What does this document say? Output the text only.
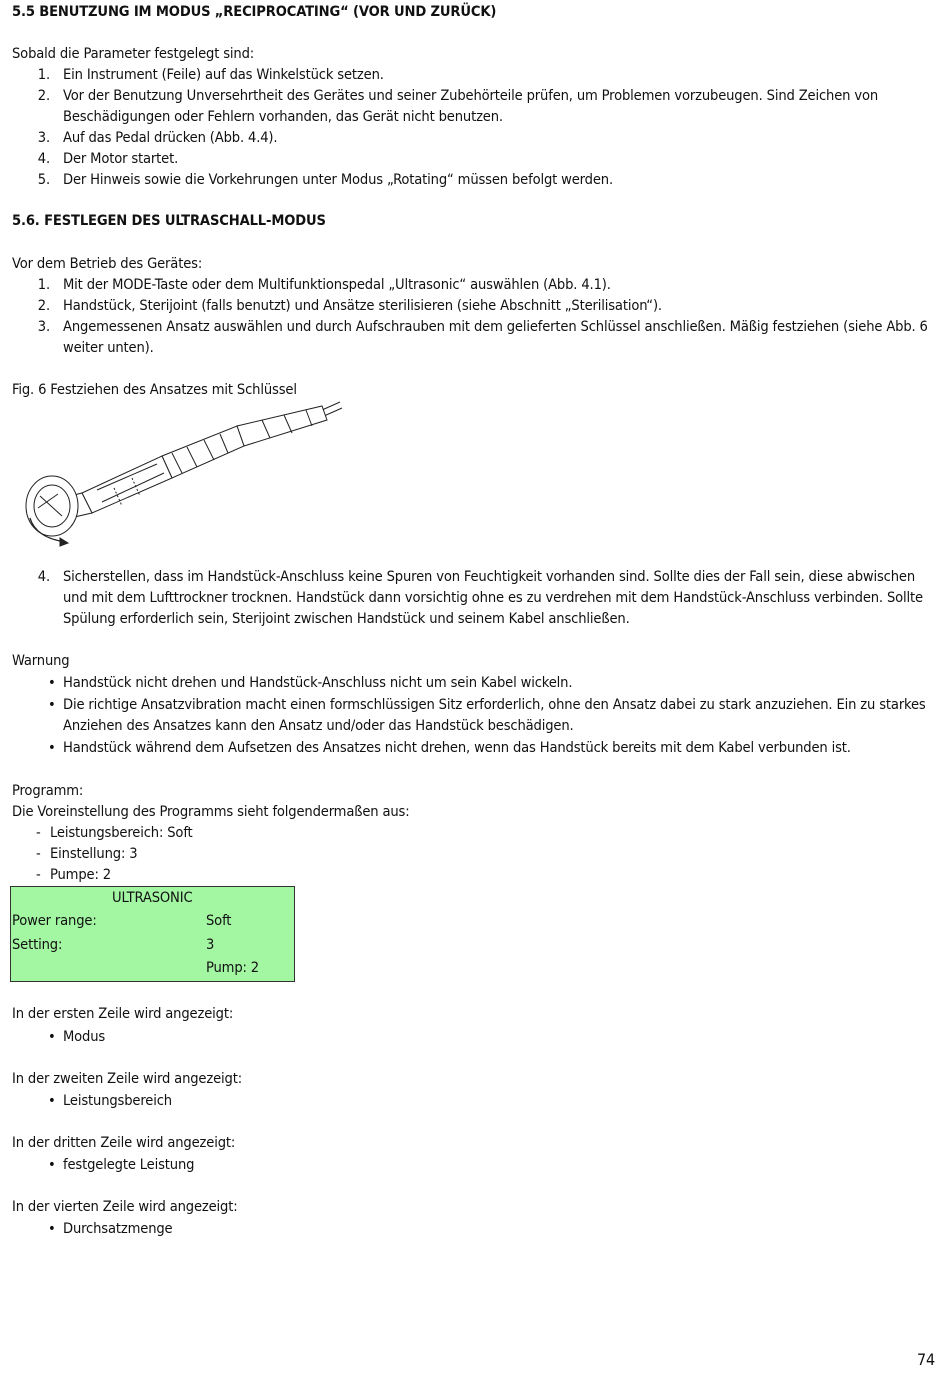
5.5 BENUTZUNG IM MODUS „RECIPROCATING“ (VOR UND ZURÜCK)
Sobald die Parameter festgelegt sind:
1. Ein Instrument (Feile) auf das Winkelstück setzen.
2. Vor der Benutzung Unversehrtheit des Gerätes und seiner Zubehörteile prüfen, um Problemen vorzubeugen. Sind Zeichen von
Beschädigungen oder Fehlern vorhanden, das Gerät nicht benutzen.
3. Auf das Pedal drücken (Abb. 4.4).
4. Der Motor startet.
5. Der Hinweis sowie die Vorkehrungen unter Modus „Rotating“ müssen befolgt werden.
5.6. FESTLEGEN DES ULTRASCHALL-MODUS
Vor dem Betrieb des Gerätes:
1. Mit der MODE-Taste oder dem Multifunktionspedal „Ultrasonic“ auswählen (Abb. 4.1).
2. Handstück, Sterijoint (falls benutzt) und Ansätze sterilisieren (siehe Abschnitt „Sterilisation“).
3. Angemessenen Ansatz auswählen und durch Aufschrauben mit dem gelieferten Schlüssel anschließen. Mäßig festziehen (siehe Abb. 6
weiter unten).
Fig. 6 Festziehen des Ansatzes mit Schlüssel
4. Sicherstellen, dass im Handstück-Anschluss keine Spuren von Feuchtigkeit vorhanden sind. Sollte dies der Fall sein, diese abwischen
und mit dem Lufttrockner trocknen. Handstück dann vorsichtig ohne es zu verdrehen mit dem Handstück-Anschluss verbinden. Sollte
Spülung erforderlich sein, Sterijoint zwischen Handstück und seinem Kabel anschließen.
Warnung
• Handstück nicht drehen und Handstück-Anschluss nicht um sein Kabel wickeln.
• Die richtige Ansatzvibration macht einen formschlüssigen Sitz erforderlich, ohne den Ansatz dabei zu stark anzuziehen. Ein zu starkes
Anziehen des Ansatzes kann den Ansatz und/oder das Handstück beschädigen.
• Handstück während dem Aufsetzen des Ansatzes nicht drehen, wenn das Handstück bereits mit dem Kabel verbunden ist.
Programm:
Die Voreinstellung des Programms sieht folgendermaßen aus:
- Leistungsbereich: Soft
- Einstellung: 3
- Pumpe: 2
In der ersten Zeile wird angezeigt:
• Modus
In der zweiten Zeile wird angezeigt:
• Leistungsbereich
In der dritten Zeile wird angezeigt:
• festgelegte Leistung
In der vierten Zeile wird angezeigt:
• Durchsatzmenge
ULTRASONIC
Power range:	Soft
Setting:	3
Pump: 2
74
